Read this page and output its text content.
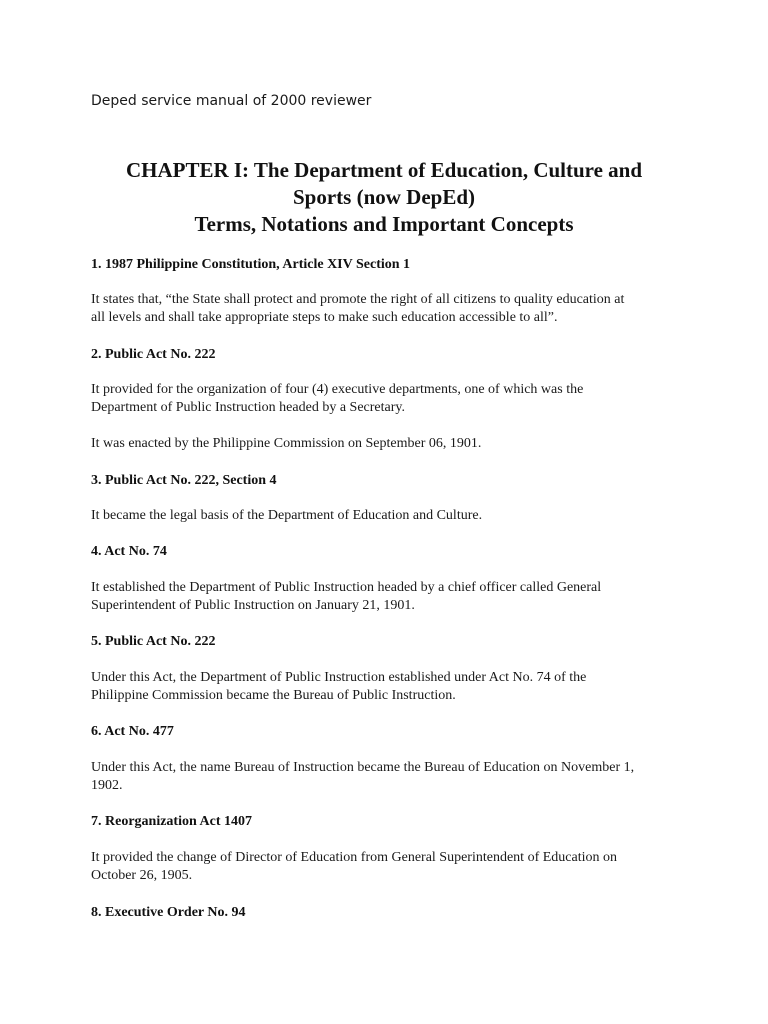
Deped service manual of 2000 reviewer
CHAPTER I: The Department of Education, Culture and
Sports (now DepEd)
Terms, Notations and Important Concepts
1. 1987 Philippine Constitution, Article XIV Section 1

It states that, “the State shall protect and promote the right of all citizens to quality education at
all levels and shall take appropriate steps to make such education accessible to all”.

2. Public Act No. 222

It provided for the organization of four (4) executive departments, one of which was the
Department of Public Instruction headed by a Secretary.

It was enacted by the Philippine Commission on September 06, 1901.

3. Public Act No. 222, Section 4

It became the legal basis of the Department of Education and Culture.

4. Act No. 74

It established the Department of Public Instruction headed by a chief officer called General
Superintendent of Public Instruction on January 21, 1901.

5. Public Act No. 222

Under this Act, the Department of Public Instruction established under Act No. 74 of the
Philippine Commission became the Bureau of Public Instruction.

6. Act No. 477

Under this Act, the name Bureau of Instruction became the Bureau of Education on November 1,
1902.

7. Reorganization Act 1407

It provided the change of Director of Education from General Superintendent of Education on
October 26, 1905.

8. Executive Order No. 94
